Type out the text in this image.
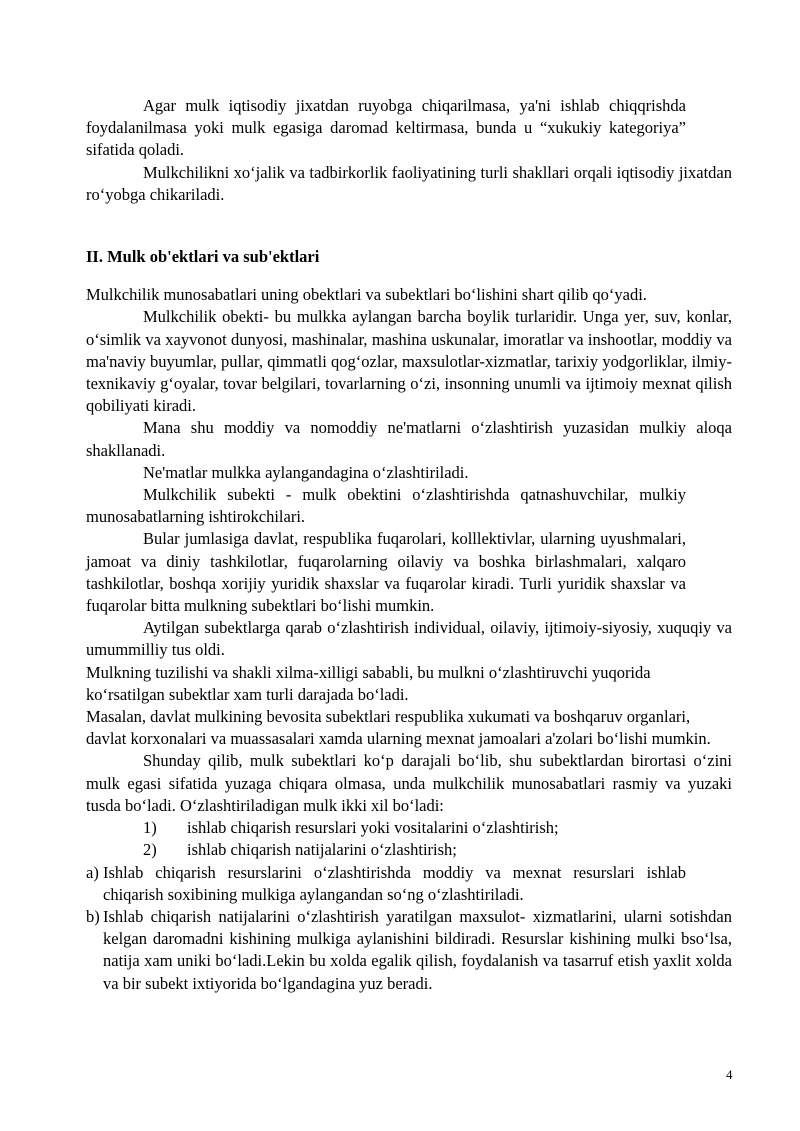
Agar mulk iqtisodiy jixatdan ruyobga chiqarilmasa, ya'ni ishlab chiqqrishda foydalanilmasa yoki mulk egasiga daromad keltirmasa, bunda u “xukukiy kategoriya” sifatida qoladi.

Mulkchilikni xo‘jalik va tadbirkorlik faoliyatining turli shakllari orqali iqtisodiy jixatdan ro‘yobga chikariladi.

II. Mulk ob'ektlari va sub'ektlari

Mulkchilik munosabatlari uning obektlari va subektlari bo‘lishini shart qilib qo‘yadi.

Mulkchilik obekti- bu mulkka aylangan barcha boylik turlaridir. Unga yer, suv, konlar, o‘simlik va xayvonot dunyosi, mashinalar, mashina uskunalar, imoratlar va inshootlar, moddiy va ma'naviy buyumlar, pullar, qimmatli qog‘ozlar, maxsulotlar-xizmatlar, tarixiy yodgorliklar, ilmiy-texnikaviy g‘oyalar, tovar belgilari, tovarlarning o‘zi, insonning unumli va ijtimoiy mexnat qilish qobiliyati kiradi.

Mana shu moddiy va nomoddiy ne'matlarni o‘zlashtirish yuzasidan mulkiy aloqa shakllanadi.

Ne'matlar mulkka aylangandagina o‘zlashtiriladi.

Mulkchilik subekti - mulk obektini o‘zlashtirishda qatnashuvchilar, mulkiy munosabatlarning ishtirokchilari.

Bular jumlasiga davlat, respublika fuqarolari, kolllektivlar, ularning uyushmalari, jamoat va diniy tashkilotlar, fuqarolarning oilaviy va boshka birlashmalari, xalqaro tashkilotlar, boshqa xorijiy yuridik shaxslar va fuqarolar kiradi. Turli yuridik shaxslar va fuqarolar bitta mulkning subektlari bo‘lishi mumkin.

Aytilgan subektlarga qarab o‘zlashtirish individual, oilaviy, ijtimoiy-siyosiy, xuquqiy va umummilliy tus oldi.

Mulkning tuzilishi va shakli xilma-xilligi sababli, bu mulkni o‘zlashtiruvchi yuqorida ko‘rsatilgan subektlar xam turli darajada bo‘ladi.

Masalan, davlat mulkining bevosita subektlari respublika xukumati va boshqaruv organlari, davlat korxonalari va muassasalari xamda ularning mexnat jamoalari a'zolari bo‘lishi mumkin.

Shunday qilib, mulk subektlari ko‘p darajali bo‘lib, shu subektlardan birortasi o‘zini mulk egasi sifatida yuzaga chiqara olmasa, unda mulkchilik munosabatlari rasmiy va yuzaki tusda bo‘ladi. O‘zlashtiriladigan mulk ikki xil bo‘ladi:

1)	ishlab chiqarish resurslari yoki vositalarini o‘zlashtirish;
2)	ishlab chiqarish natijalarini o‘zlashtirish;
a) Ishlab chiqarish resurslarini o‘zlashtirishda moddiy va mexnat resurslari ishlab chiqarish soxibining mulkiga aylangandan so‘ng o‘zlashtiriladi.
b) Ishlab chiqarish natijalarini o‘zlashtirish yaratilgan maxsulot- xizmatlarini, ularni sotishdan kelgan daromadni kishining mulkiga aylanishini bildiradi. Resurslar kishining mulki bso‘lsa, natija xam uniki bo‘ladi.Lekin bu xolda egalik qilish, foydalanish va tasarruf etish yaxlit xolda va bir subekt ixtiyorida bo‘lgandagina yuz beradi.
4
